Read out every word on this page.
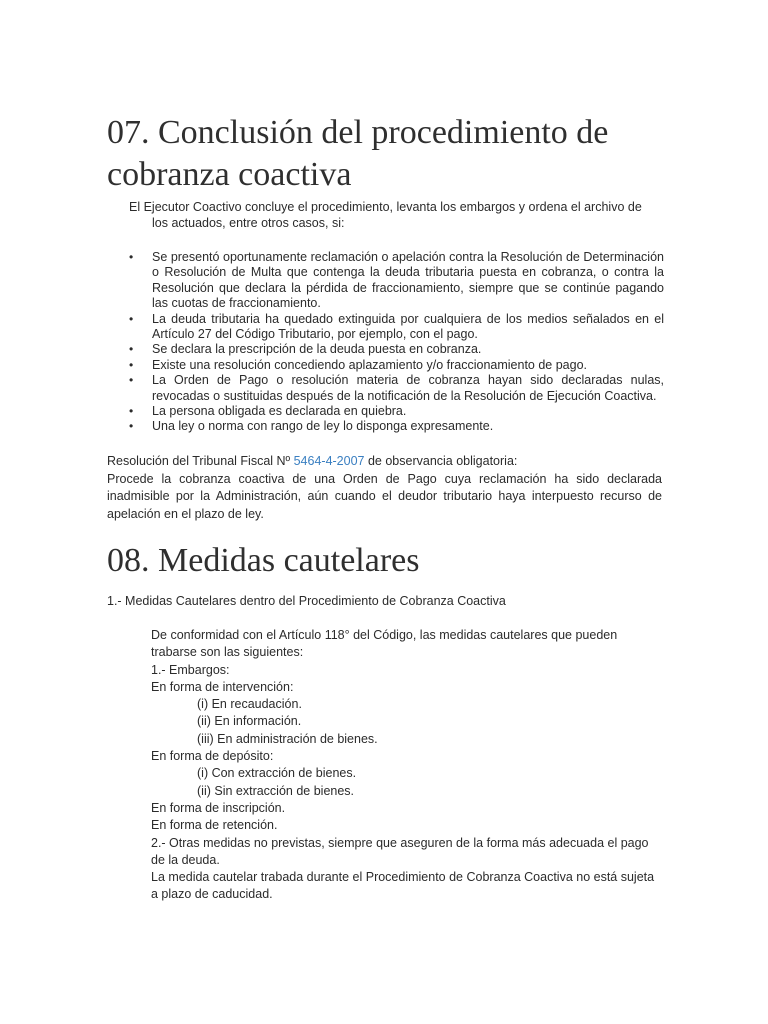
07. Conclusión del procedimiento de
cobranza coactiva
El Ejecutor Coactivo concluye el procedimiento, levanta los embargos y ordena el archivo de
los actuados, entre otros casos, si:
• Se presentó oportunamente reclamación o apelación contra la Resolución de Determinación o Resolución de Multa que contenga la deuda tributaria puesta en cobranza, o contra la Resolución que declara la pérdida de fraccionamiento, siempre que se continúe pagando las cuotas de fraccionamiento.
• La deuda tributaria ha quedado extinguida por cualquiera de los medios señalados en el Artículo 27 del Código Tributario, por ejemplo, con el pago.
• Se declara la prescripción de la deuda puesta en cobranza.
• Existe una resolución concediendo aplazamiento y/o fraccionamiento de pago.
• La Orden de Pago o resolución materia de cobranza hayan sido declaradas nulas, revocadas o sustituidas después de la notificación de la Resolución de Ejecución Coactiva.
• La persona obligada es declarada en quiebra.
• Una ley o norma con rango de ley lo disponga expresamente.
Resolución del Tribunal Fiscal Nº 5464-4-2007 de observancia obligatoria:
Procede la cobranza coactiva de una Orden de Pago cuya reclamación ha sido declarada inadmisible por la Administración, aún cuando el deudor tributario haya interpuesto recurso de apelación en el plazo de ley.
08. Medidas cautelares
1.- Medidas Cautelares dentro del Procedimiento de Cobranza Coactiva
De conformidad con el Artículo 118° del Código, las medidas cautelares que pueden
trabarse son las siguientes:
1.- Embargos:
En forma de intervención:
(i) En recaudación.
(ii) En información.
(iii) En administración de bienes.
En forma de depósito:
(i) Con extracción de bienes.
(ii) Sin extracción de bienes.
En forma de inscripción.
En forma de retención.
2.- Otras medidas no previstas, siempre que aseguren de la forma más adecuada el pago
de la deuda.
La medida cautelar trabada durante el Procedimiento de Cobranza Coactiva no está sujeta
a plazo de caducidad.
